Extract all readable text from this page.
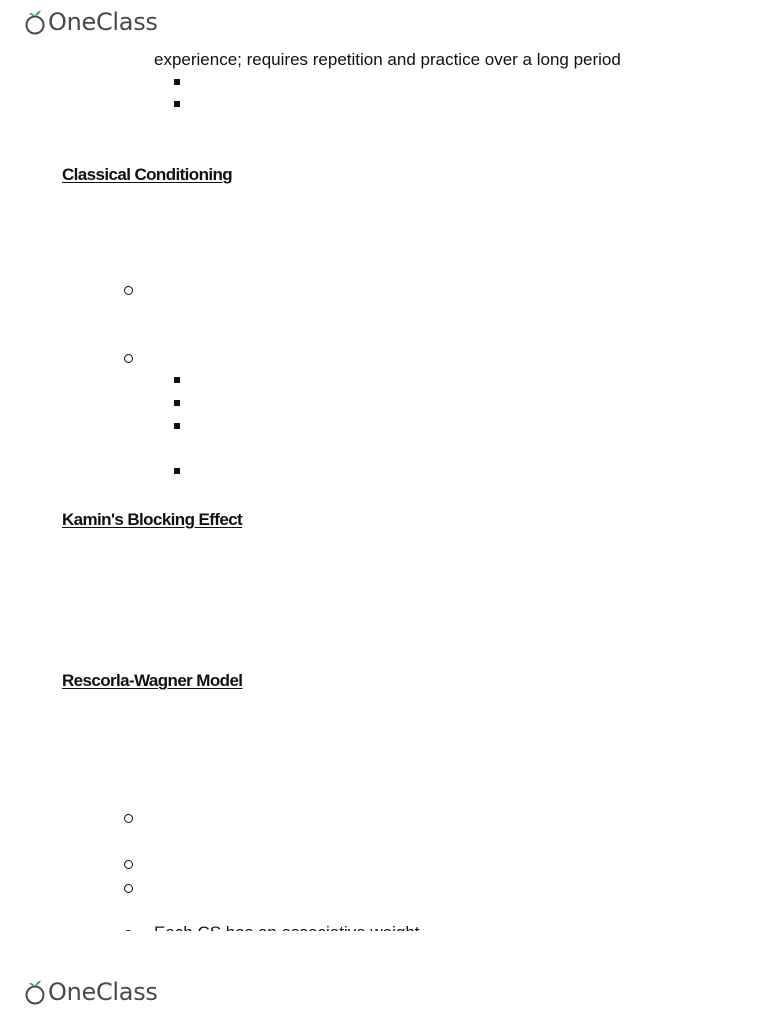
OneClass
experience; requires repetition and practice over a long period
Classical Conditioning
Kamin's Blocking Effect
Rescorla-Wagner Model
OneClass
